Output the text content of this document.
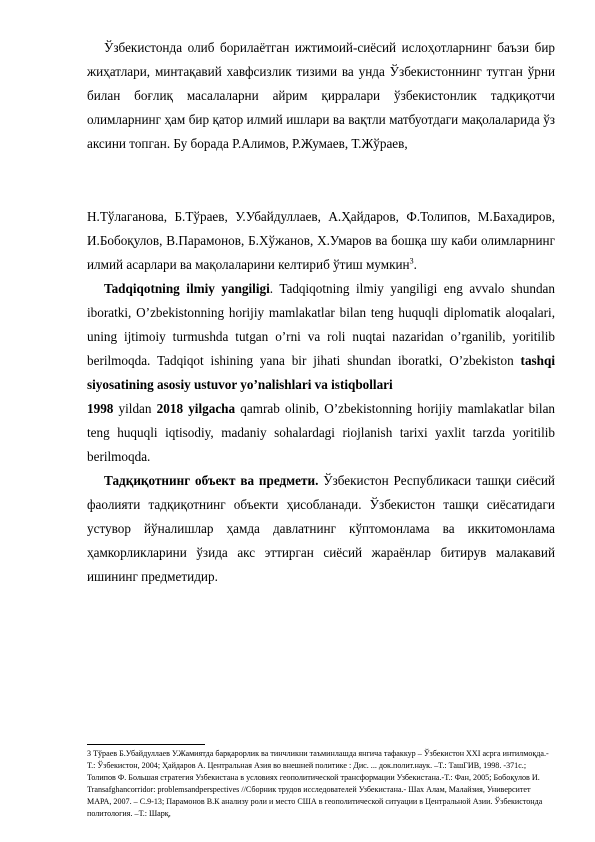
Ўзбекистонда олиб борилаётган ижтимоий-сиёсий ислоҳотларнинг баъзи бир жиҳатлари, минтақавий хавфсизлик тизими ва унда Ўзбекистоннинг тутган ўрни билан боғлиқ масалаларни айрим қирралари ўзбекистонлик тадқиқотчи олимларнинг ҳам бир қатор илмий ишлари ва вақтли матбуотдаги мақолаларида ўз аксини топган. Бу борада Р.Алимов, Р.Жумаев, Т.Жўраев,

Н.Тўлаганова, Б.Тўраев, У.Убайдуллаев, А.Ҳайдаров, Ф.Толипов, М.Бахадиров, И.Бобоқулов, В.Парамонов, Б.Хўжанов, Х.Умаров ва бошқа шу каби олимларнинг илмий асарлари ва мақолаларини келтириб ўтиш мумкин$^3$.

Tadqiqotning ilmiy yangiligi. Tadqiqotning ilmiy yangiligi eng avvalo shundan iboratki, O’zbekistonning horijiy mamlakatlar bilan teng huquqli diplomatik aloqalari, uning ijtimoiy turmushda tutgan o’rni va roli nuqtai nazaridan o’rganilib, yoritilib berilmoqda. Tadqiqot ishining yana bir jihati shundan iboratki, O’zbekiston tashqi siyosatining asosiy ustuvor yo’nalishlari va istiqbollari

1998 yildan 2018 yilgacha qamrab olinib, O’zbekistonning horijiy mamlakatlar bilan teng huquqli iqtisodiy, madaniy sohalardagi riojlanish tarixi yaxlit tarzda yoritilib berilmoqda.

Тадқиқотнинг объект ва предмети. Ўзбекистон Республикаси ташқи сиёсий фаолияти тадқиқотнинг объекти ҳисобланади. Ўзбекистон ташқи сиёсатидаги устувор йўналишлар ҳамда давлатнинг кўптомонлама ва иккитомонлама ҳамкорликларини ўзида акс эттирган сиёсий жараёнлар битирув малакавий ишининг предметидир.

3 Тўраев Б.Убайдуллаев У.Жамиятда барқарорлик ва тинчликни таъминлашда янгича тафаккур – Ўзбекистон ХХI асрга интилмоқда.-Т.: Ўзбекистон, 2004; Ҳайдаров А. Центральная Азия во внешней политике : Дис. ... док.полит.наук. –Т.: ТашГИВ, 1998. -371с.; Толипов Ф. Большая стратегия Узбекистана в условиях геополитической трансформации Узбекистана.-Т.: Фан, 2005; Бобоқулов И. Transafghancorridor: problemsandperspectives //Сборник трудов исследователей Узбекистана.- Шах Алам, Малайзия, Университет МАРА, 2007. – С.9-13; Парамонов В.К анализу роли и место США в геополитической ситуации в Центральной Азии. Ўзбекистонда политология. –Т.: Шарқ,
